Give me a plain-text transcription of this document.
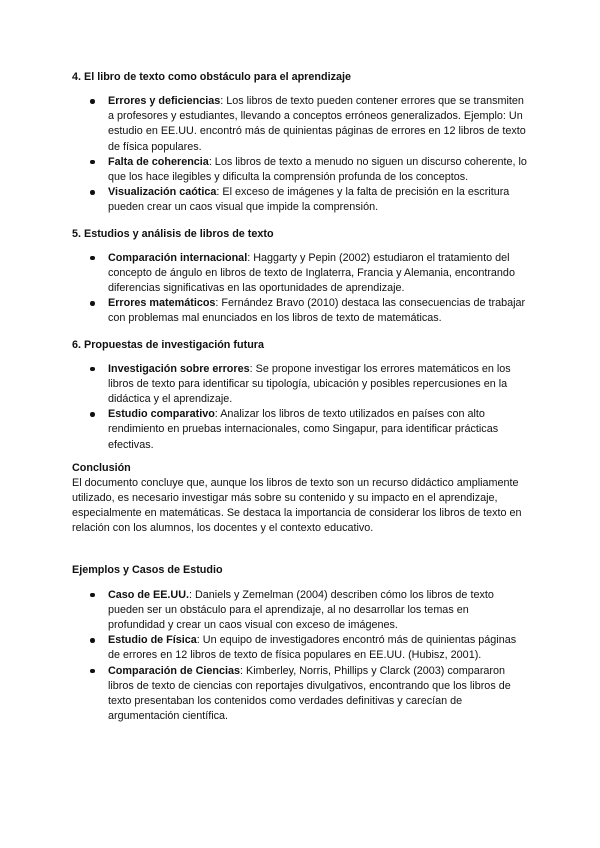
4. El libro de texto como obstáculo para el aprendizaje
Errores y deficiencias: Los libros de texto pueden contener errores que se transmiten a profesores y estudiantes, llevando a conceptos erróneos generalizados. Ejemplo: Un estudio en EE.UU. encontró más de quinientas páginas de errores en 12 libros de texto de física populares.
Falta de coherencia: Los libros de texto a menudo no siguen un discurso coherente, lo que los hace ilegibles y dificulta la comprensión profunda de los conceptos.
Visualización caótica: El exceso de imágenes y la falta de precisión en la escritura pueden crear un caos visual que impide la comprensión.
5. Estudios y análisis de libros de texto
Comparación internacional: Haggarty y Pepin (2002) estudiaron el tratamiento del concepto de ángulo en libros de texto de Inglaterra, Francia y Alemania, encontrando diferencias significativas en las oportunidades de aprendizaje.
Errores matemáticos: Fernández Bravo (2010) destaca las consecuencias de trabajar con problemas mal enunciados en los libros de texto de matemáticas.
6. Propuestas de investigación futura
Investigación sobre errores: Se propone investigar los errores matemáticos en los libros de texto para identificar su tipología, ubicación y posibles repercusiones en la didáctica y el aprendizaje.
Estudio comparativo: Analizar los libros de texto utilizados en países con alto rendimiento en pruebas internacionales, como Singapur, para identificar prácticas efectivas.
Conclusión

El documento concluye que, aunque los libros de texto son un recurso didáctico ampliamente utilizado, es necesario investigar más sobre su contenido y su impacto en el aprendizaje, especialmente en matemáticas. Se destaca la importancia de considerar los libros de texto en relación con los alumnos, los docentes y el contexto educativo.

Ejemplos y Casos de Estudio
Caso de EE.UU.: Daniels y Zemelman (2004) describen cómo los libros de texto pueden ser un obstáculo para el aprendizaje, al no desarrollar los temas en profundidad y crear un caos visual con exceso de imágenes.
Estudio de Física: Un equipo de investigadores encontró más de quinientas páginas de errores en 12 libros de texto de física populares en EE.UU. (Hubisz, 2001).
Comparación de Ciencias: Kimberley, Norris, Phillips y Clarck (2003) compararon libros de texto de ciencias con reportajes divulgativos, encontrando que los libros de texto presentaban los contenidos como verdades definitivas y carecían de argumentación científica.
